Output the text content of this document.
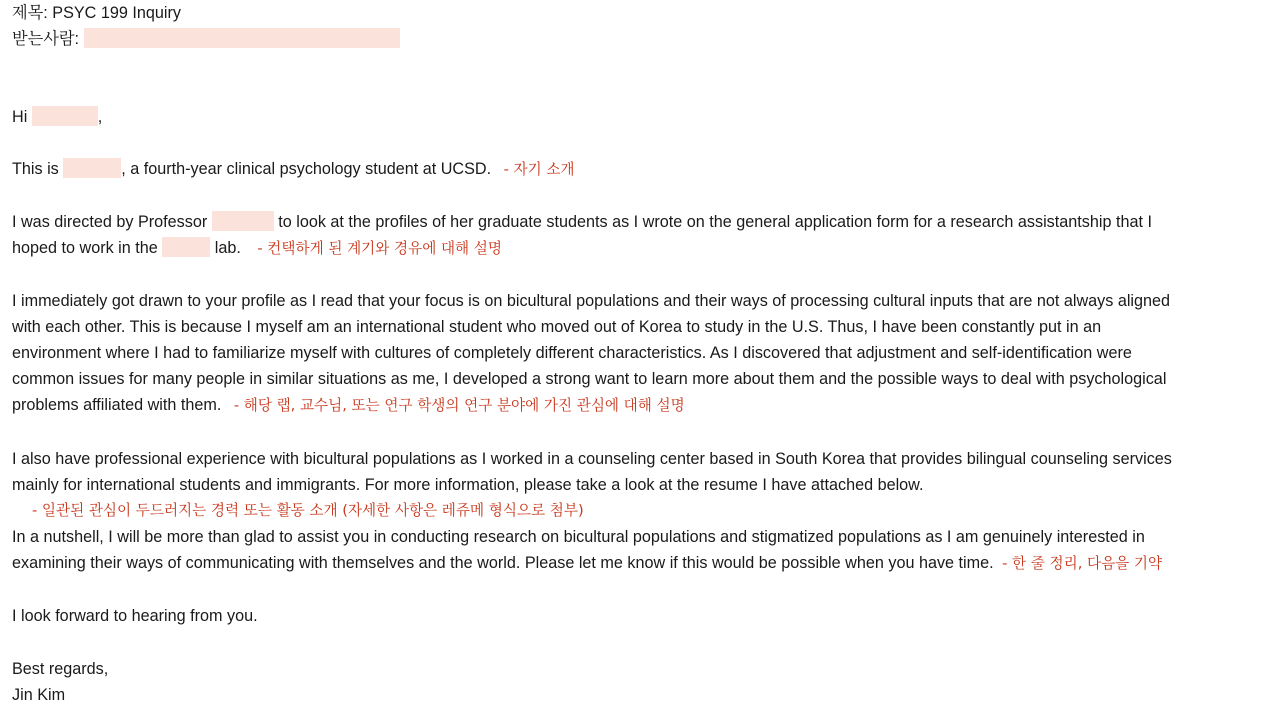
제목: PSYC 199 Inquiry
받는사람:
Hi	,
This is	, a fourth-year clinical psychology student at UCSD. - 자기 소개
I was directed by Professor	to look at the profiles of her graduate students as I wrote on the general application form for a research assistantship that I
hoped to work in the	lab. - 컨택하게 된 계기와 경유에 대해 설명
I immediately got drawn to your profile as I read that your focus is on bicultural populations and their ways of processing cultural inputs that are not always aligned
with each other. This is because I myself am an international student who moved out of Korea to study in the U.S. Thus, I have been constantly put in an
environment where I had to familiarize myself with cultures of completely different characteristics. As I discovered that adjustment and self-identification were
common issues for many people in similar situations as me, I developed a strong want to learn more about them and the possible ways to deal with psychological
problems affiliated with them. - 해당 랩, 교수님, 또는 연구 학생의 연구 분야에 가진 관심에 대해 설명
I also have professional experience with bicultural populations as I worked in a counseling center based in South Korea that provides bilingual counseling services
mainly for international students and immigrants. For more information, please take a look at the resume I have attached below.
- 일관된 관심이 두드러지는 경력 또는 활동 소개 (자세한 사항은 레쥬메 형식으로 첨부)
In a nutshell, I will be more than glad to assist you in conducting research on bicultural populations and stigmatized populations as I am genuinely interested in
examining their ways of communicating with themselves and the world. Please let me know if this would be possible when you have time. - 한 줄 정리, 다음을 기약
I look forward to hearing from you.
Best regards,
Jin Kim
